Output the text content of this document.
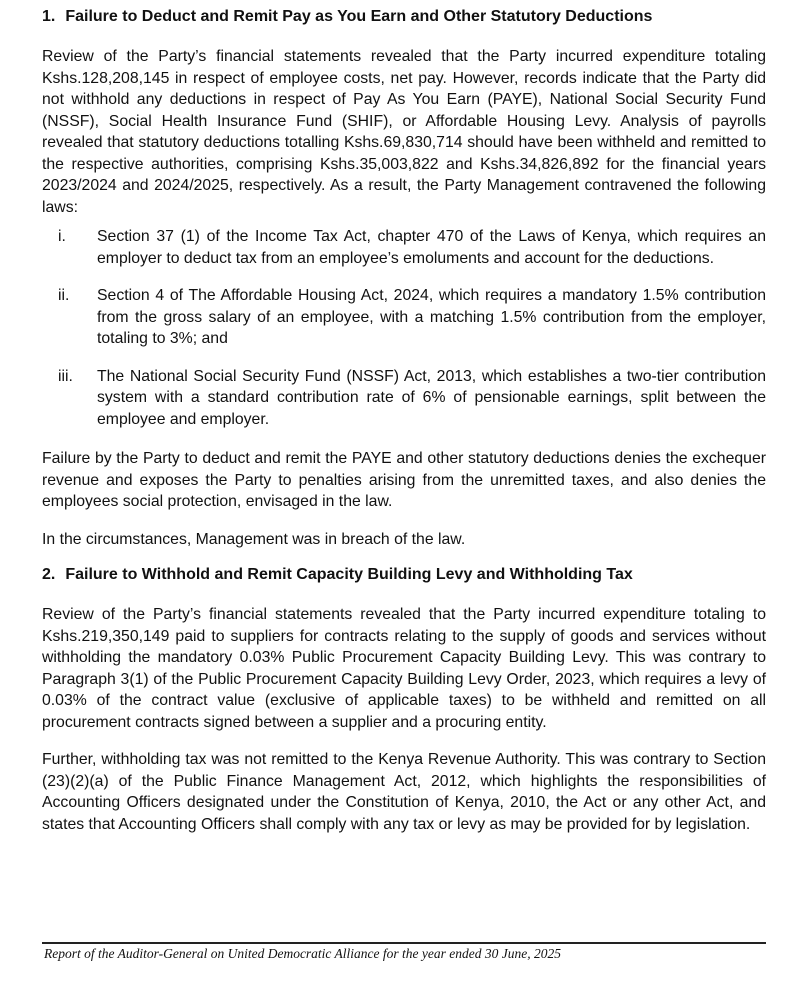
1. Failure to Deduct and Remit Pay as You Earn and Other Statutory Deductions

Review of the Party’s financial statements revealed that the Party incurred expenditure totaling Kshs.128,208,145 in respect of employee costs, net pay. However, records indicate that the Party did not withhold any deductions in respect of Pay As You Earn (PAYE), National Social Security Fund (NSSF), Social Health Insurance Fund (SHIF), or Affordable Housing Levy. Analysis of payrolls revealed that statutory deductions totalling Kshs.69,830,714 should have been withheld and remitted to the respective authorities, comprising Kshs.35,003,822 and Kshs.34,826,892 for the financial years 2023/2024 and 2024/2025, respectively. As a result, the Party Management contravened the following laws:

i.	Section 37 (1) of the Income Tax Act, chapter 470 of the Laws of Kenya, which requires an employer to deduct tax from an employee’s emoluments and account for the deductions.
ii.	Section 4 of The Affordable Housing Act, 2024, which requires a mandatory 1.5% contribution from the gross salary of an employee, with a matching 1.5% contribution from the employer, totaling to 3%; and
iii.	The National Social Security Fund (NSSF) Act, 2013, which establishes a two-tier contribution system with a standard contribution rate of 6% of pensionable earnings, split between the employee and employer.

Failure by the Party to deduct and remit the PAYE and other statutory deductions denies the exchequer revenue and exposes the Party to penalties arising from the unremitted taxes, and also denies the employees social protection, envisaged in the law.

In the circumstances, Management was in breach of the law.

2. Failure to Withhold and Remit Capacity Building Levy and Withholding Tax

Review of the Party’s financial statements revealed that the Party incurred expenditure totaling to Kshs.219,350,149 paid to suppliers for contracts relating to the supply of goods and services without withholding the mandatory 0.03% Public Procurement Capacity Building Levy. This was contrary to Paragraph 3(1) of the Public Procurement Capacity Building Levy Order, 2023, which requires a levy of 0.03% of the contract value (exclusive of applicable taxes) to be withheld and remitted on all procurement contracts signed between a supplier and a procuring entity.

Further, withholding tax was not remitted to the Kenya Revenue Authority. This was contrary to Section (23)(2)(a) of the Public Finance Management Act, 2012, which highlights the responsibilities of Accounting Officers designated under the Constitution of Kenya, 2010, the Act or any other Act, and states that Accounting Officers shall comply with any tax or levy as may be provided for by legislation.

Report of the Auditor-General on United Democratic Alliance for the year ended 30 June, 2025
